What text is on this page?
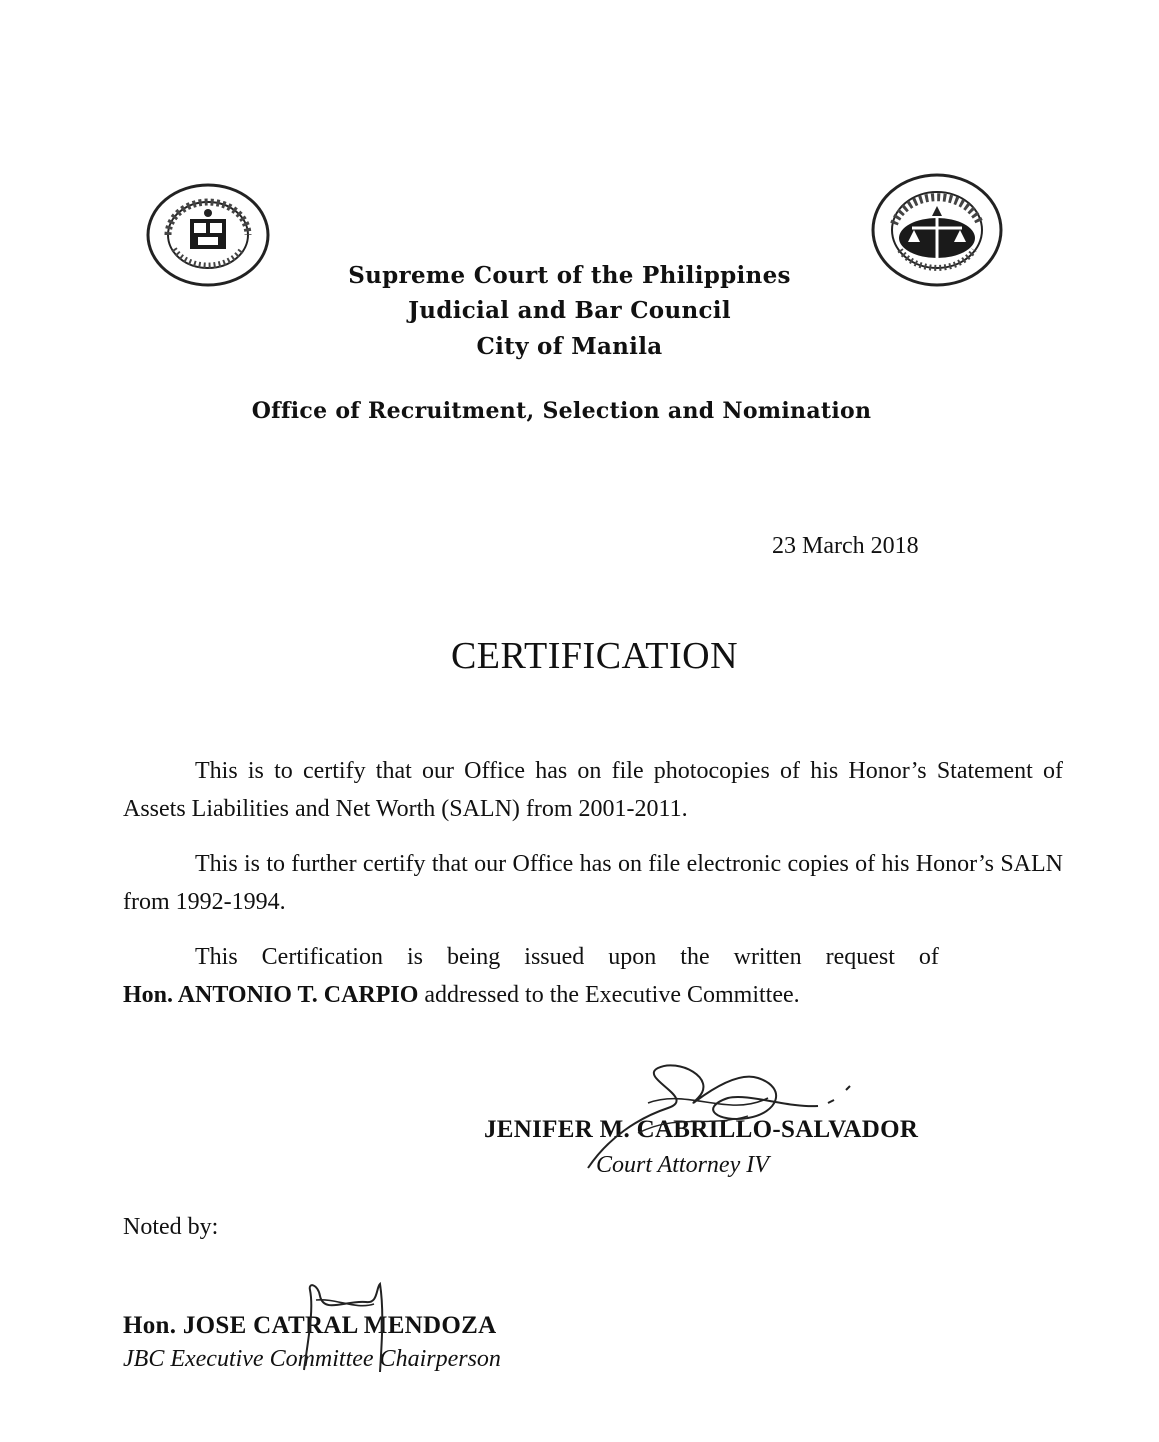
Supreme Court of the Philippines
Judicial and Bar Council
City of Manila
Office of Recruitment, Selection and Nomination
23 March 2018
CERTIFICATION
This is to certify that our Office has on file photocopies of his Honor’s Statement of Assets Liabilities and Net Worth (SALN) from 2001-2011.
This is to further certify that our Office has on file electronic copies of his Honor’s SALN from 1992-1994.
This Certification is being issued upon the written request of
Hon. ANTONIO T. CARPIO addressed to the Executive Committee.
JENIFER M. CABRILLO-SALVADOR
Court Attorney IV
Noted by:
Hon. JOSE CATRAL MENDOZA
JBC Executive Committee Chairperson
